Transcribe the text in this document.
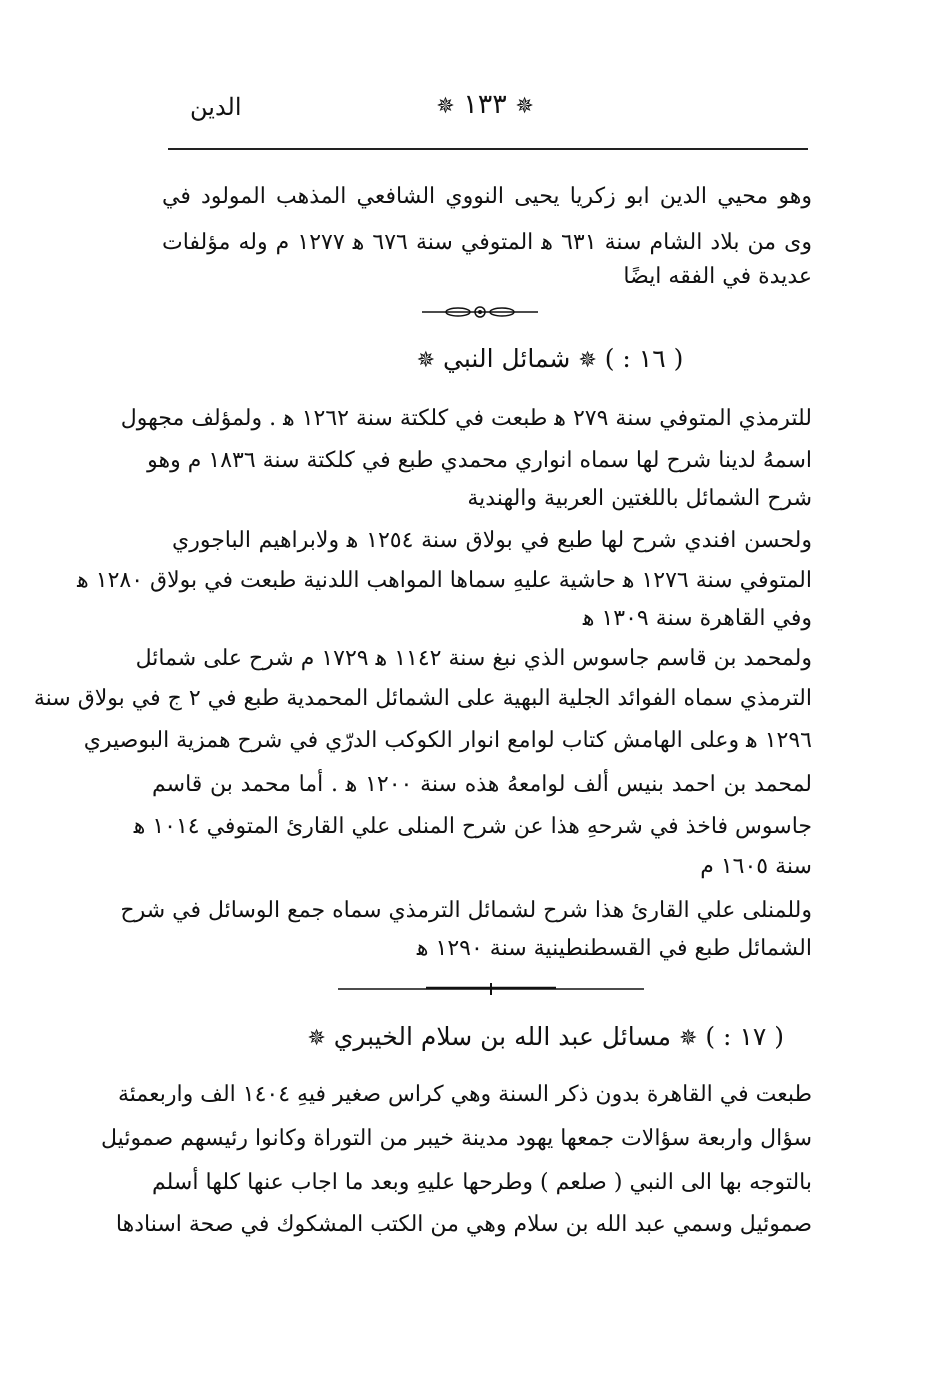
الدين	✵ ١٣٣ ✵
وهو محيي الدين ابو زكريا يحيى النووي الشافعي المذهب المولود في
وى من بلاد الشام سنة ٦٣١ ﻫ المتوفي سنة ٦٧٦ ﻫ ١٢٧٧ م وله مؤلفات
عديدة في الفقه ايضًا
( ١٦ : ) ✵ شمائل النبي ✵
للترمذي المتوفي سنة ٢٧٩ ﻫ طبعت في كلكتة سنة ١٢٦٢ ﻫ . ولمؤلف مجهول
اسمهُ لدينا شرح لها سماه انواري محمدي طبع في كلكتة سنة ١٨٣٦ م وهو
شرح الشمائل باللغتين العربية والهندية
ولحسن افندي شرح لها طبع في بولاق سنة ١٢٥٤ ﻫ ولابراهيم الباجوري
المتوفي سنة ١٢٧٦ ﻫ حاشية عليهِ سماها المواهب اللدنية طبعت في بولاق ١٢٨٠ ﻫ
وفي القاهرة سنة ١٣٠٩ ﻫ
ولمحمد بن قاسم جاسوس الذي نبغ سنة ١١٤٢ ﻫ ١٧٢٩ م شرح على شمائل
الترمذي سماه الفوائد الجلية البهية على الشمائل المحمدية طبع في ٢ ج في بولاق سنة
١٢٩٦ ﻫ وعلى الهامش كتاب لوامع انوار الكوكب الدرّي في شرح همزية البوصيري
لمحمد بن احمد بنيس ألف لوامعهُ هذه سنة ١٢٠٠ ﻫ . أما محمد بن قاسم
جاسوس فاخذ في شرحهِ هذا عن شرح المنلى علي القارئ المتوفي ١٠١٤ ﻫ
سنة ١٦٠٥ م
وللمنلى علي القارئ هذا شرح لشمائل الترمذي سماه جمع الوسائل في شرح
الشمائل طبع في القسطنطينية سنة ١٢٩٠ ﻫ
( ١٧ : ) ✵ مسائل عبد الله بن سلام الخيبري ✵
طبعت في القاهرة بدون ذكر السنة وهي كراس صغير فيهِ ١٤٠٤ الف واربعمئة
سؤال واربعة سؤالات جمعها يهود مدينة خيبر من التوراة وكانوا رئيسهم صموئيل
بالتوجه بها الى النبي ( صلعم ) وطرحها عليهِ وبعد ما اجاب عنها كلها أسلم
صموئيل وسمي عبد الله بن سلام وهي من الكتب المشكوك في صحة اسنادها
